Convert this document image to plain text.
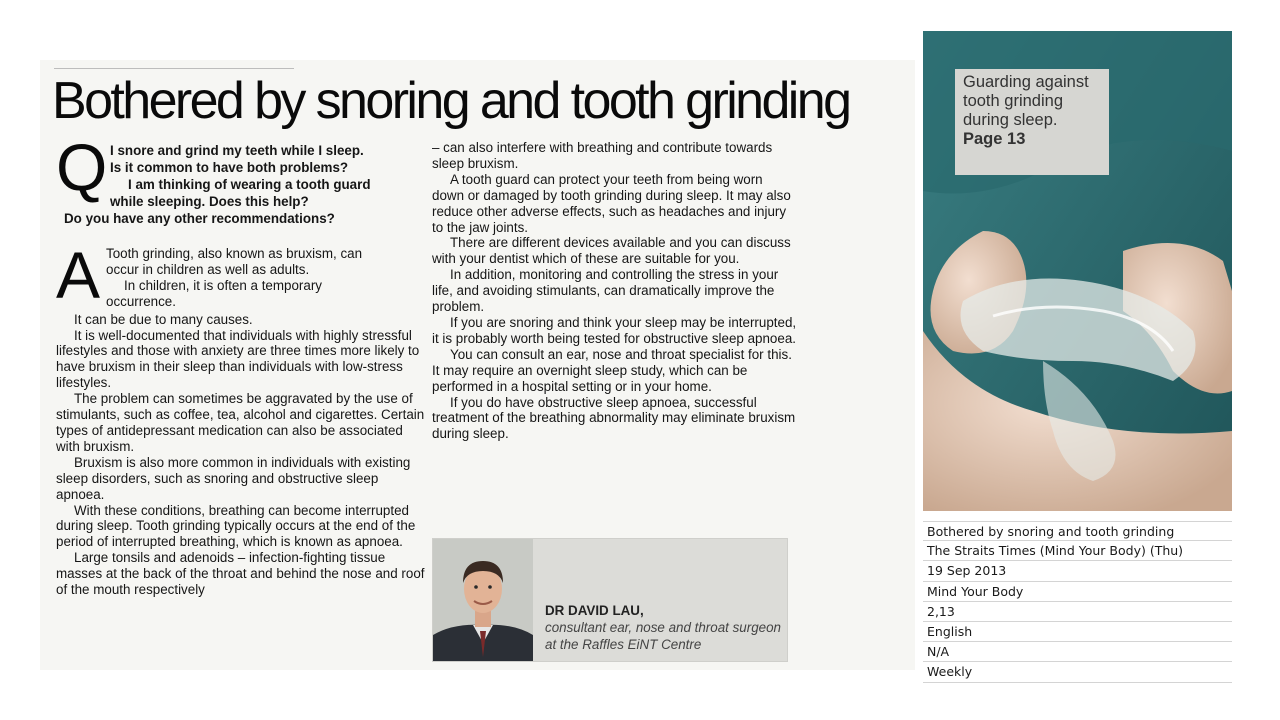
Bothered by snoring and tooth grinding
Q I snore and grind my teeth while I sleep.
Is it common to have both problems?
I am thinking of wearing a tooth guard
while sleeping. Does this help?
Do you have any other recommendations?
A Tooth grinding, also known as bruxism, can
occur in children as well as adults.
In children, it is often a temporary
occurrence.

It can be due to many causes.

It is well-documented that individuals with highly stressful lifestyles and those with anxiety are three times more likely to have bruxism in their sleep than individuals with low-stress lifestyles.

The problem can sometimes be aggravated by the use of stimulants, such as coffee, tea, alcohol and cigarettes. Certain types of antidepressant medication can also be associated with bruxism.

Bruxism is also more common in individuals with existing sleep disorders, such as snoring and obstructive sleep apnoea.

With these conditions, breathing can become interrupted during sleep. Tooth grinding typically occurs at the end of the period of interrupted breathing, which is known as apnoea.

Large tonsils and adenoids – infection-fighting tissue masses at the back of the throat and behind the nose and roof of the mouth respectively

– can also interfere with breathing and contribute towards sleep bruxism.

A tooth guard can protect your teeth from being worn down or damaged by tooth grinding during sleep. It may also reduce other adverse effects, such as headaches and injury to the jaw joints.

There are different devices available and you can discuss with your dentist which of these are suitable for you.

In addition, monitoring and controlling the stress in your life, and avoiding stimulants, can dramatically improve the problem.

If you are snoring and think your sleep may be interrupted, it is probably worth being tested for obstructive sleep apnoea.

You can consult an ear, nose and throat specialist for this. It may require an overnight sleep study, which can be performed in a hospital setting or in your home.

If you do have obstructive sleep apnoea, successful treatment of the breathing abnormality may eliminate bruxism during sleep.

DR DAVID LAU,
consultant ear, nose and throat surgeon at the Raffles EiNT Centre
Guarding against tooth grinding during sleep.
Page 13
Bothered by snoring and tooth grinding
The Straits Times (Mind Your Body) (Thu)
19 Sep 2013
Mind Your Body
2,13
English
N/A
Weekly
